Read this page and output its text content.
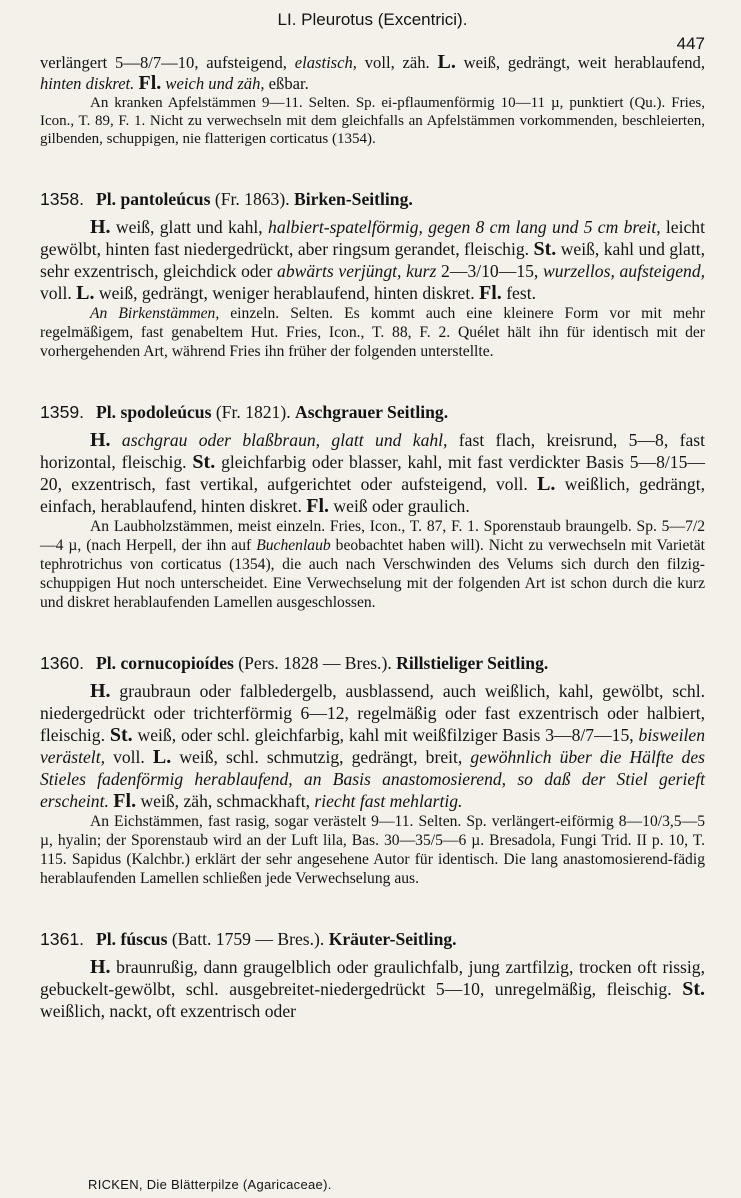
LI. Pleurotus (Excentrici).
447

verlängert 5—8/7—10, aufsteigend, elastisch, voll, zäh. L. weiß, gedrängt, weit herablaufend, hinten diskret. Fl. weich und zäh, eßbar.

An kranken Apfelstämmen 9—11. Selten. Sp. ei-pflaumenförmig 10—11 µ, punktiert (Qu.). Fries, Icon., T. 89, F. 1. Nicht zu verwechseln mit dem gleichfalls an Apfelstämmen vorkommenden, beschleierten, gilbenden, schuppigen, nie flatterigen corticatus (1354).

1358. Pl. pantoleúcus (Fr. 1863). Birken-Seitling.

H. weiß, glatt und kahl, halbiert-spatelförmig, gegen 8 cm lang und 5 cm breit, leicht gewölbt, hinten fast niedergedrückt, aber ringsum gerandet, fleischig. St. weiß, kahl und glatt, sehr exzentrisch, gleichdick oder abwärts verjüngt, kurz 2—3/10—15, wurzellos, aufsteigend, voll. L. weiß, gedrängt, weniger herablaufend, hinten diskret. Fl. fest.

An Birkenstämmen, einzeln. Selten. Es kommt auch eine kleinere Form vor mit mehr regelmäßigem, fast genabeltem Hut. Fries, Icon., T. 88, F. 2. Quélet hält ihn für identisch mit der vorhergehenden Art, während Fries ihn früher der folgenden unterstellte.

1359. Pl. spodoleúcus (Fr. 1821). Aschgrauer Seitling.

H. aschgrau oder blaßbraun, glatt und kahl, fast flach, kreisrund, 5—8, fast horizontal, fleischig. St. gleichfarbig oder blasser, kahl, mit fast verdickter Basis 5—8/15—20, exzentrisch, fast vertikal, aufgerichtet oder aufsteigend, voll. L. weißlich, gedrängt, einfach, herablaufend, hinten diskret. Fl. weiß oder graulich.

An Laubholzstämmen, meist einzeln. Fries, Icon., T. 87, F. 1. Sporenstaub braungelb. Sp. 5—7/2—4 µ, (nach Herpell, der ihn auf Buchenlaub beobachtet haben will). Nicht zu verwechseln mit Varietät tephrotrichus von corticatus (1354), die auch nach Verschwinden des Velums sich durch den filzig-schuppigen Hut noch unterscheidet. Eine Verwechselung mit der folgenden Art ist schon durch die kurz und diskret herablaufenden Lamellen ausgeschlossen.

1360. Pl. cornucopioídes (Pers. 1828 — Bres.). Rillstieliger Seitling.

H. graubraun oder falbledergelb, ausblassend, auch weißlich, kahl, gewölbt, schl. niedergedrückt oder trichterförmig 6—12, regelmäßig oder fast exzentrisch oder halbiert, fleischig. St. weiß, oder schl. gleichfarbig, kahl mit weißfilziger Basis 3—8/7—15, bisweilen verästelt, voll. L. weiß, schl. schmutzig, gedrängt, breit, gewöhnlich über die Hälfte des Stieles fadenförmig herablaufend, an Basis anastomosierend, so daß der Stiel gerieft erscheint. Fl. weiß, zäh, schmackhaft, riecht fast mehlartig.

An Eichstämmen, fast rasig, sogar verästelt 9—11. Selten. Sp. verlängert-eiförmig 8—10/3,5—5 µ, hyalin; der Sporenstaub wird an der Luft lila, Bas. 30—35/5—6 µ. Bresadola, Fungi Trid. II p. 10, T. 115. Sapidus (Kalchbr.) erklärt der sehr angesehene Autor für identisch. Die lang anastomosierend-fädig herablaufenden Lamellen schließen jede Verwechselung aus.

1361. Pl. fúscus (Batt. 1759 — Bres.). Kräuter-Seitling.

H. braunrußig, dann graugelblich oder graulichfalb, jung zartfilzig, trocken oft rissig, gebuckelt-gewölbt, schl. ausgebreitet-niedergedrückt 5—10, unregelmäßig, fleischig. St. weißlich, nackt, oft exzentrisch oder

RICKEN, Die Blätterpilze (Agaricaceae).
